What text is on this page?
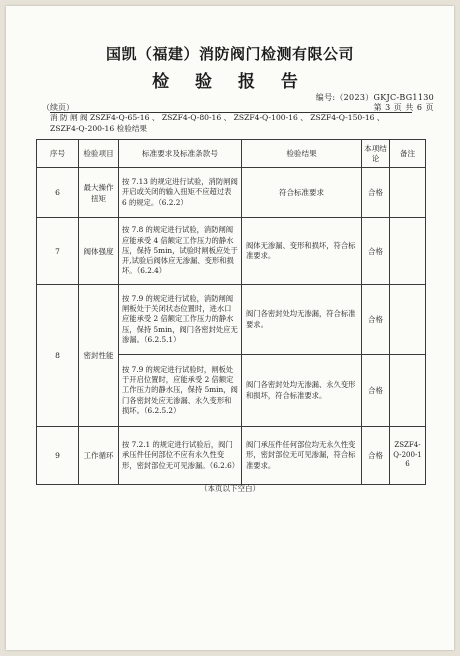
国凯（福建）消防阀门检测有限公司
检 验 报 告
编号:（2023）GKJC-BG1130
（续页）	第 3 页 共 6 页
消 防 闸 阀 ZSZF4-Q-65-16 、 ZSZF4-Q-80-16 、 ZSZF4-Q-100-16 、 ZSZF4-Q-150-16 、
ZSZF4-Q-200-16 检验结果
序号	检验项目	标准要求及标准条款号	检验结果	本项结论	备注
6	最大操作扭矩	按 7.13 的规定进行试验，消防闸阀开启或关闭的输入扭矩不应超过表 6 的规定。（6.2.2）	符合标准要求	合格	
7	阀体强度	按 7.8 的规定进行试验，消防闸阀应能承受 4 倍额定工作压力的静水压，保持 5min，试验时闸板应处于开,试验后阀体应无渗漏、变形和损坏。（6.2.4）	阀体无渗漏、变形和损坏，符合标准要求。	合格	
8	密封性能	按 7.9 的规定进行试验，消防闸阀闸板处于关闭状态位置时，进水口应能承受 2 倍额定工作压力的静水压，保持 5min，阀门各密封处应无渗漏。（6.2.5.1）	阀门各密封处均无渗漏，符合标准要求。	合格	
		按 7.9 的规定进行试验时，闸板处于开启位置时，应能承受 2 倍额定工作压力的静水压，保持 5min，阀门各密封处应无渗漏、永久变形和损坏。（6.2.5.2）	阀门各密封处均无渗漏、永久变形和损坏，符合标准要求。	合格	
9	工作循环	按 7.2.1 的规定进行试验后，阀门承压件任何部位不应有永久性变形，密封部位无可见渗漏。（6.2.6）	阀门承压件任何部位均无永久性变形，密封部位无可见渗漏，符合标准要求。	合格	ZSZF4-Q-200-16
（本页以下空白）
